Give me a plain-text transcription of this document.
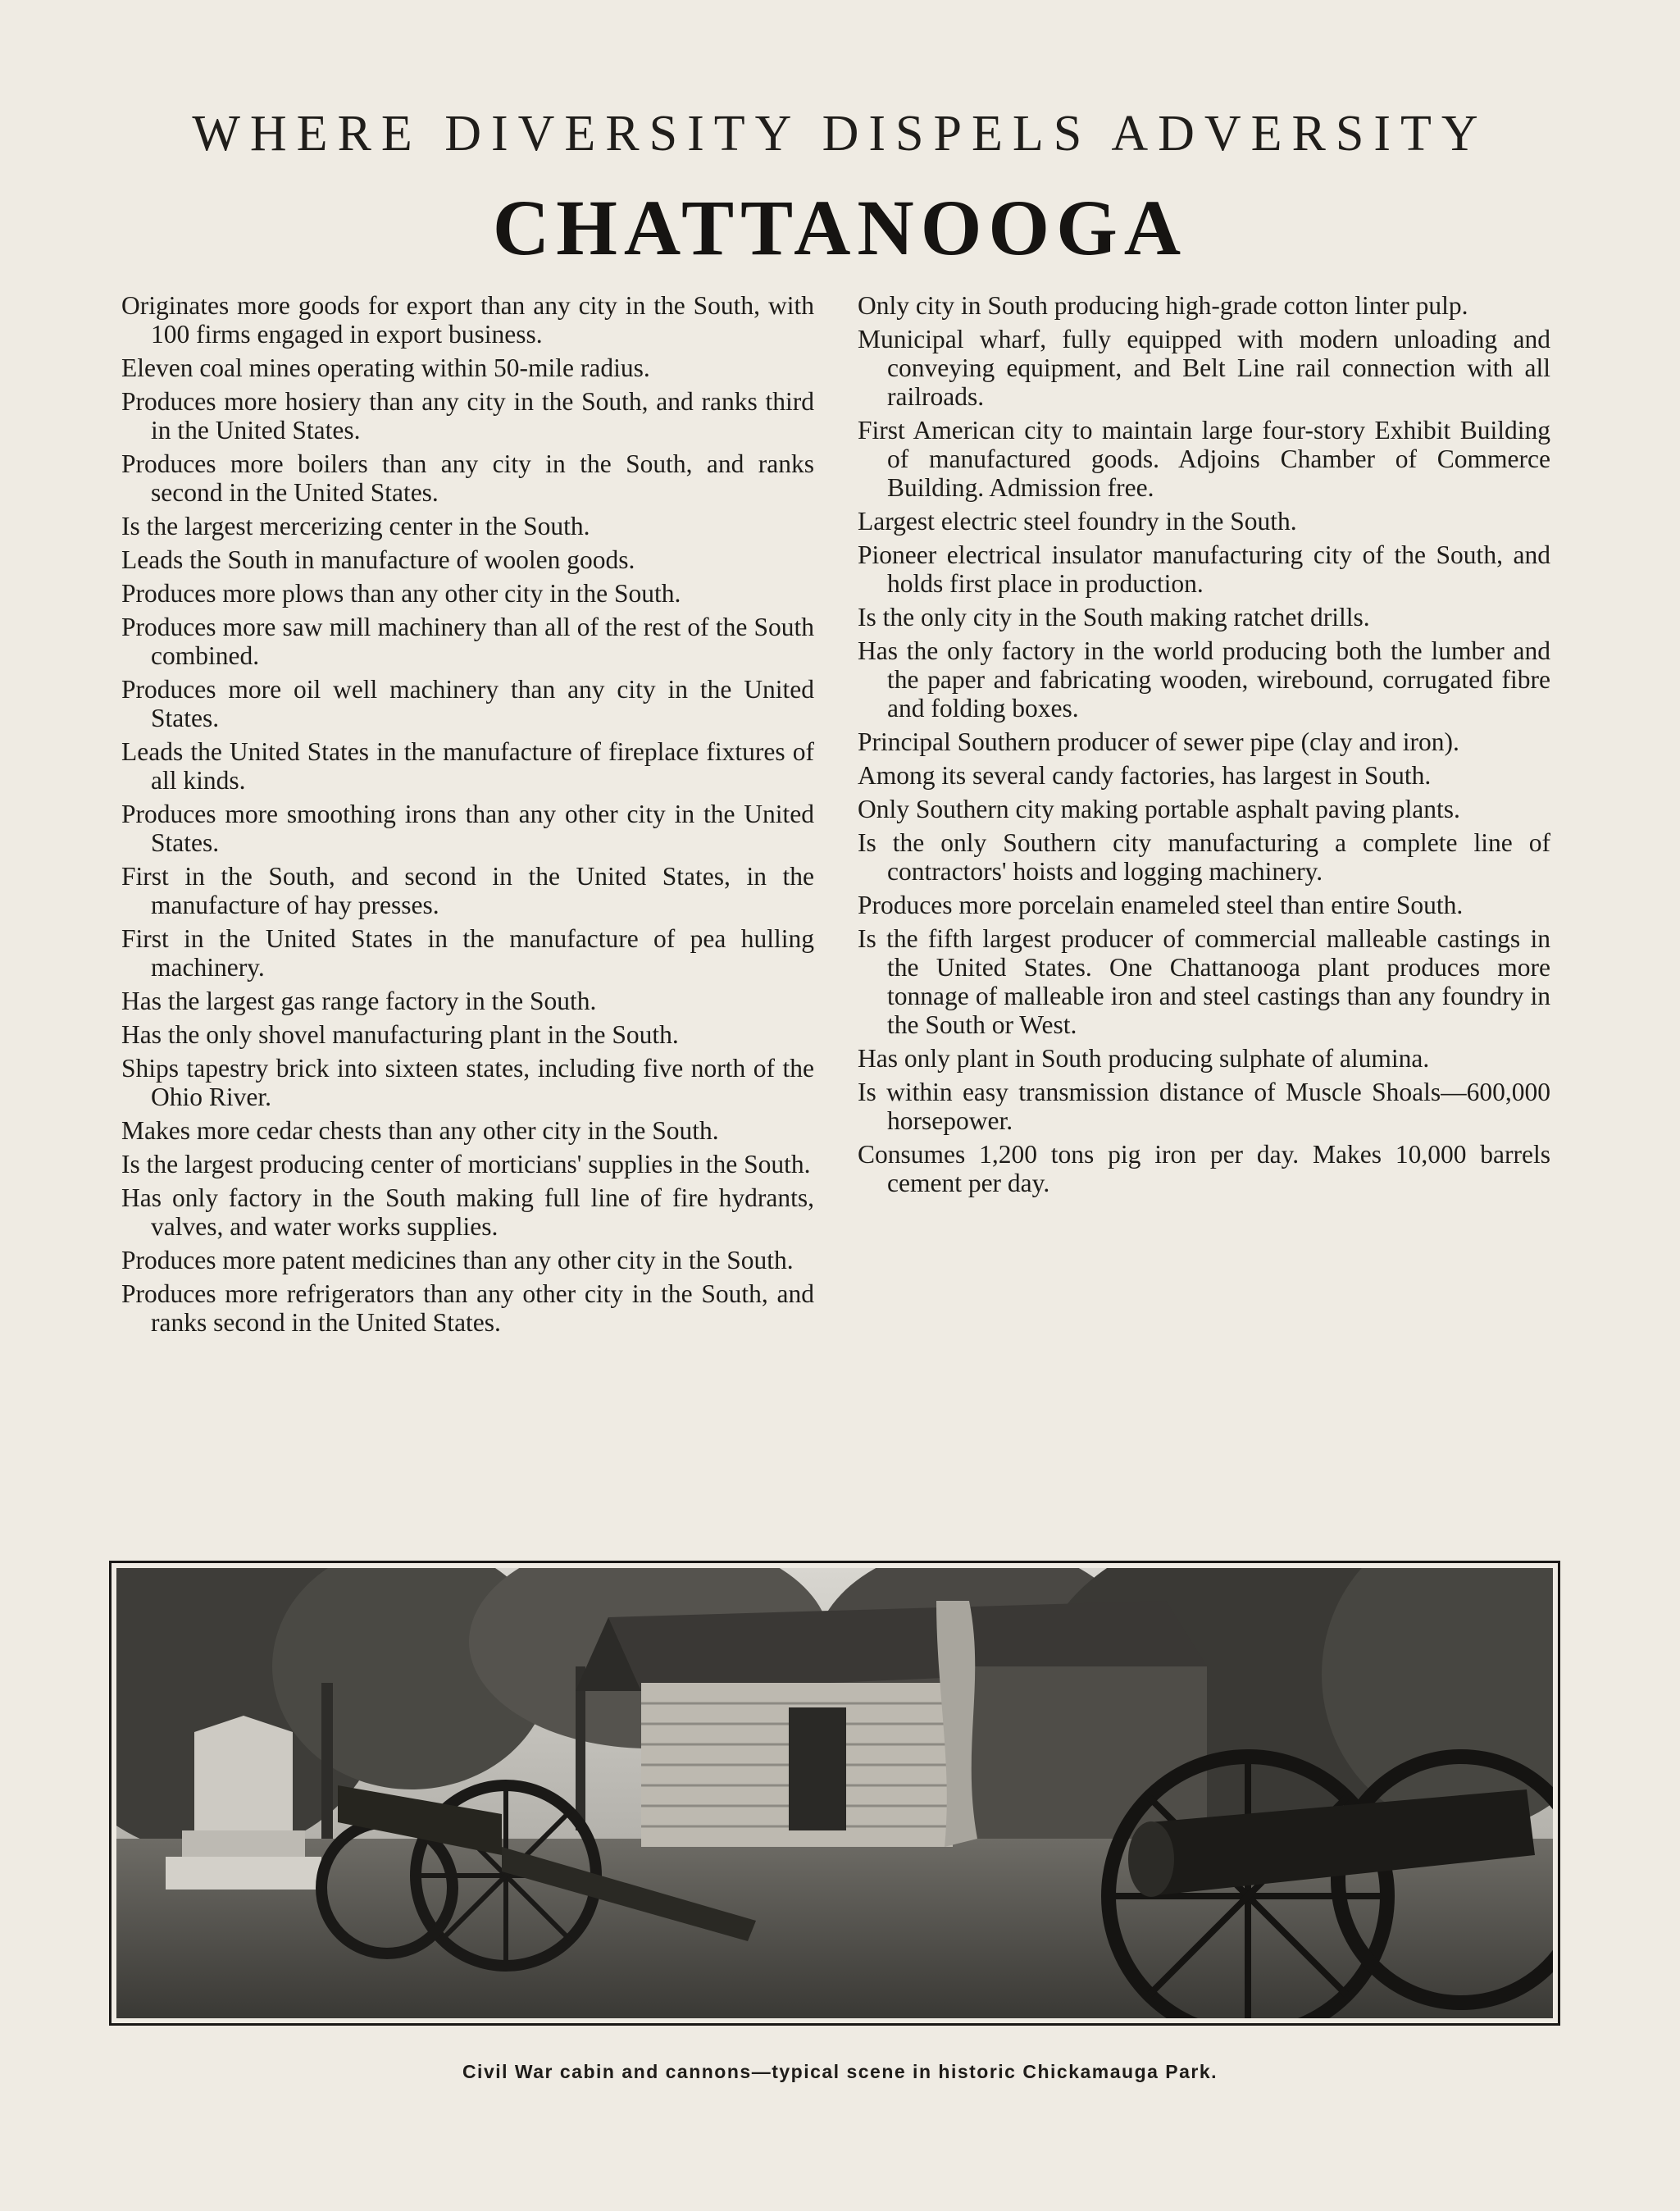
WHERE DIVERSITY DISPELS ADVERSITY
CHATTANOOGA
Originates more goods for export than any city in the South, with 100 firms engaged in export business.
Eleven coal mines operating within 50-mile radius.
Produces more hosiery than any city in the South, and ranks third in the United States.
Produces more boilers than any city in the South, and ranks second in the United States.
Is the largest mercerizing center in the South.
Leads the South in manufacture of woolen goods.
Produces more plows than any other city in the South.
Produces more saw mill machinery than all of the rest of the South combined.
Produces more oil well machinery than any city in the United States.
Leads the United States in the manufacture of fireplace fixtures of all kinds.
Produces more smoothing irons than any other city in the United States.
First in the South, and second in the United States, in the manufacture of hay presses.
First in the United States in the manufacture of pea hulling machinery.
Has the largest gas range factory in the South.
Has the only shovel manufacturing plant in the South.
Ships tapestry brick into sixteen states, including five north of the Ohio River.
Makes more cedar chests than any other city in the South.
Is the largest producing center of morticians' supplies in the South.
Has only factory in the South making full line of fire hydrants, valves, and water works supplies.
Produces more patent medicines than any other city in the South.
Produces more refrigerators than any other city in the South, and ranks second in the United States.
Only city in South producing high-grade cotton linter pulp.
Municipal wharf, fully equipped with modern unloading and conveying equipment, and Belt Line rail connection with all railroads.
First American city to maintain large four-story Exhibit Building of manufactured goods. Adjoins Chamber of Commerce Building. Admission free.
Largest electric steel foundry in the South.
Pioneer electrical insulator manufacturing city of the South, and holds first place in production.
Is the only city in the South making ratchet drills.
Has the only factory in the world producing both the lumber and the paper and fabricating wooden, wirebound, corrugated fibre and folding boxes.
Principal Southern producer of sewer pipe (clay and iron).
Among its several candy factories, has largest in South.
Only Southern city making portable asphalt paving plants.
Is the only Southern city manufacturing a complete line of contractors' hoists and logging machinery.
Produces more porcelain enameled steel than entire South.
Is the fifth largest producer of commercial malleable castings in the United States. One Chattanooga plant produces more tonnage of malleable iron and steel castings than any foundry in the South or West.
Has only plant in South producing sulphate of alumina.
Is within easy transmission distance of Muscle Shoals—600,000 horsepower.
Consumes 1,200 tons pig iron per day. Makes 10,000 barrels cement per day.
Civil War cabin and cannons—typical scene in historic Chickamauga Park.
